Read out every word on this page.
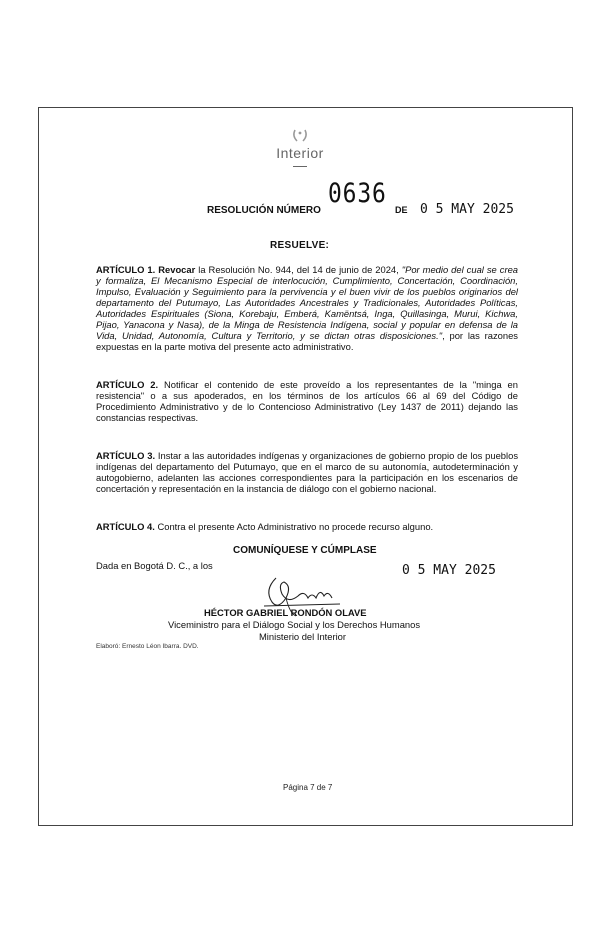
Interior
RESOLUCIÓN NÚMERO
0636
DE 0 5 MAY 2025
RESUELVE:
ARTÍCULO 1. Revocar la Resolución No. 944, del 14 de junio de 2024, "Por medio del cual se crea y formaliza, El Mecanismo Especial de interlocución, Cumplimiento, Concertación, Coordinación, Impulso, Evaluación y Seguimiento para la pervivencia y el buen vivir de los pueblos originarios del departamento del Putumayo, Las Autoridades Ancestrales y Tradicionales, Autoridades Políticas, Autoridades Espirituales (Siona, Korebaju, Emberá, Kamëntsá, Inga, Quillasinga, Murui, Kichwa, Pijao, Yanacona y Nasa), de la Minga de Resistencia Indígena, social y popular en defensa de la Vida, Unidad, Autonomía, Cultura y Territorio, y se dictan otras disposiciones.", por las razones expuestas en la parte motiva del presente acto administrativo.
ARTÍCULO 2. Notificar el contenido de este proveído a los representantes de la "minga en resistencia" o a sus apoderados, en los términos de los artículos 66 al 69 del Código de Procedimiento Administrativo y de lo Contencioso Administrativo (Ley 1437 de 2011) dejando las constancias respectivas.
ARTÍCULO 3. Instar a las autoridades indígenas y organizaciones de gobierno propio de los pueblos indígenas del departamento del Putumayo, que en el marco de su autonomía, autodeterminación y autogobierno, adelanten las acciones correspondientes para la participación en los escenarios de concertación y representación en la instancia de diálogo con el gobierno nacional.
ARTÍCULO 4. Contra el presente Acto Administrativo no procede recurso alguno.
COMUNÍQUESE Y CÚMPLASE
Dada en Bogotá D. C., a los	0 5 MAY 2025
HÉCTOR GABRIEL RONDÓN OLAVE
Viceministro para el Diálogo Social y los Derechos Humanos
Ministerio del Interior
Elaboró: Ernesto Léon Ibarra. DVD.
Página 7 de 7
